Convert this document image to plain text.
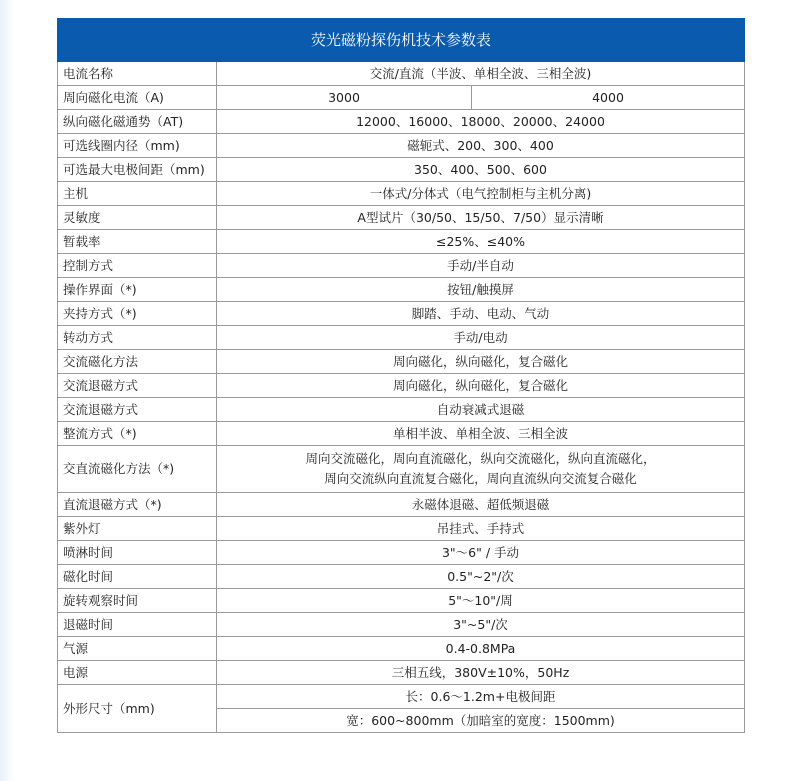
荧光磁粉探伤机技术参数表		
电流名称	交流/直流（半波、单相全波、三相全波)	
周向磁化电流（A)	3000	4000
纵向磁化磁通势（AT)	12000、16000、18000、20000、24000	
可选线圈内径（mm)	磁轭式、200、300、400	
可选最大电极间距（mm)	350、400、500、600	
主机	一体式/分体式（电气控制柜与主机分离)	
灵敏度	A型试片（30/50、15/50、7/50）显示清晰	
暂载率	≤25%、≤40%	
控制方式	手动/半自动	
操作界面（*)	按钮/触摸屏	
夹持方式（*)	脚踏、手动、电动、气动	
转动方式	手动/电动	
交流磁化方法	周向磁化，纵向磁化，复合磁化	
交流退磁方式	周向磁化，纵向磁化，复合磁化	
交流退磁方式	自动衰减式退磁	
整流方式（*)	单相半波、单相全波、三相全波	
交直流磁化方法（*)	周向交流磁化，周向直流磁化，纵向交流磁化，纵向直流磁化，
周向交流纵向直流复合磁化，周向直流纵向交流复合磁化	

直流退磁方式（*)	永磁体退磁、超低频退磁	
紫外灯	吊挂式、手持式	
喷淋时间	3"～6" / 手动	
磁化时间	0.5"~2"/次	
旋转观察时间	5"～10"/周	
退磁时间	3"~5"/次	
气源	0.4-0.8MPa	
电源	三相五线，380V±10%，50Hz	
外形尺寸（mm)	长：0.6～1.2m+电极间距	
	宽：600~800mm（加暗室的宽度：1500mm)	
